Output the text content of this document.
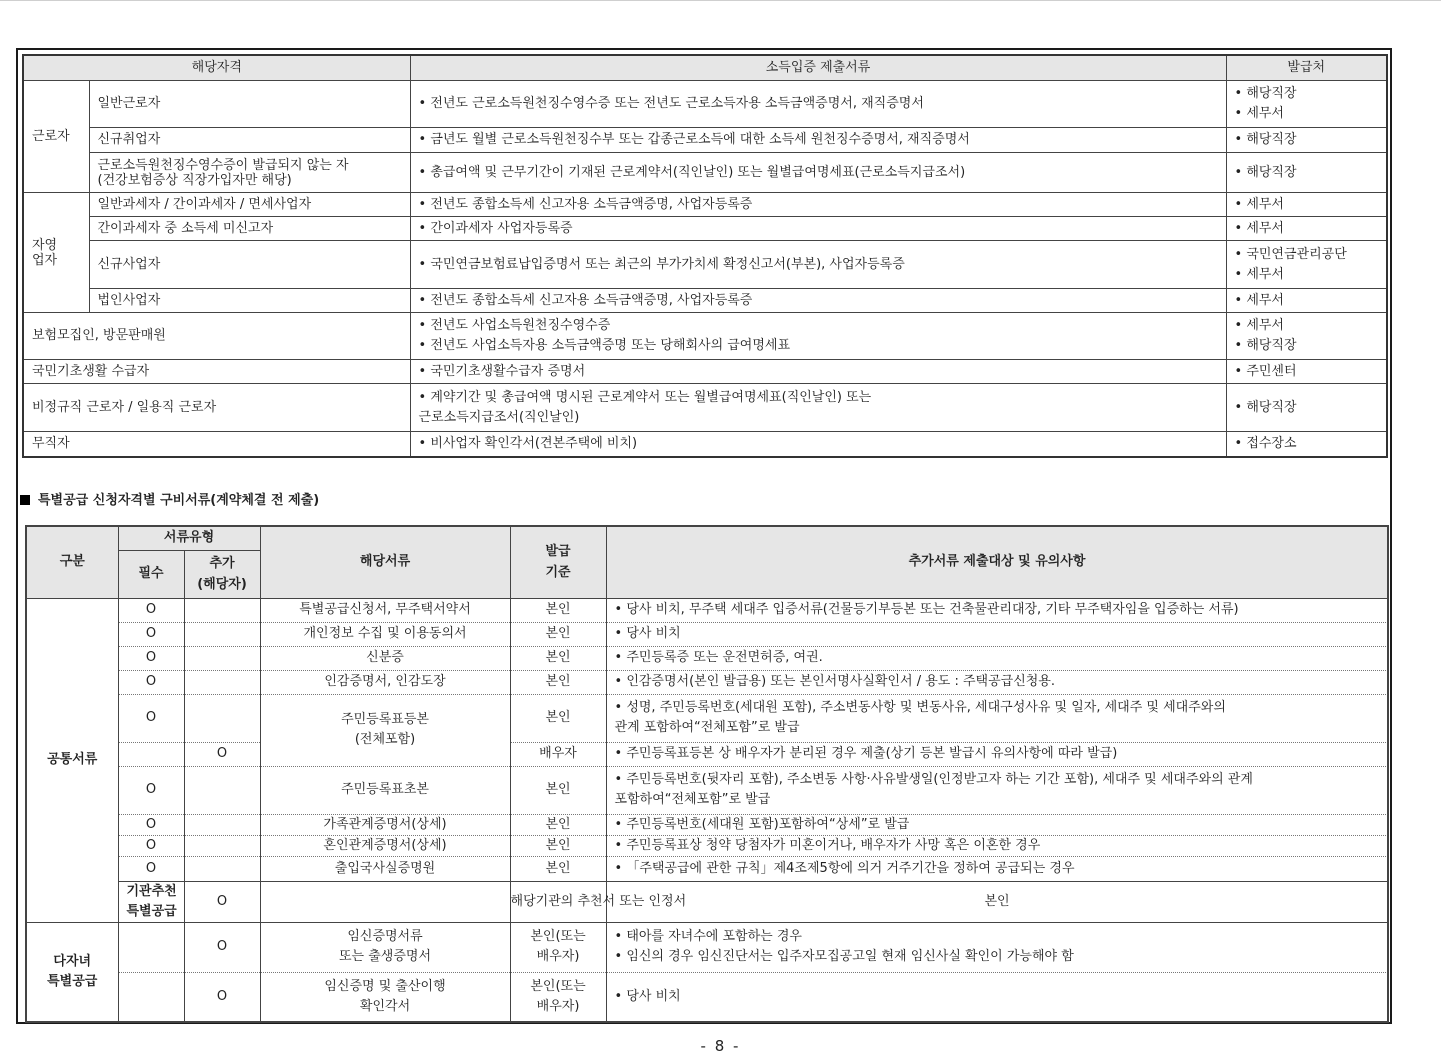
해당자격		소득입증 제출서류	발급처
근로자	일반근로자	• 전년도 근로소득원천징수영수증 또는 전년도 근로소득자용 소득금액증명서, 재직증명서	• 해당직장
• 세무서

	신규취업자	• 금년도 월별 근로소득원천징수부 또는 갑종근로소득에 대한 소득세 원천징수증명서, 재직증명서	• 해당직장

	근로소득원천징수영수증이 발급되지 않는 자
(건강보험증상 직장가입자만 해당)	• 총급여액 및 근무기간이 기재된 근로계약서(직인날인) 또는 월별급여명세표(근로소득지급조서)	• 해당직장

자영
업자	일반과세자 / 간이과세자 / 면세사업자	• 전년도 종합소득세 신고자용 소득금액증명, 사업자등록증	• 세무서

	간이과세자 중 소득세 미신고자	• 간이과세자 사업자등록증	• 세무서

	신규사업자	• 국민연금보험료납입증명서 또는 최근의 부가가치세 확정신고서(부본), 사업자등록증	• 국민연금관리공단
• 세무서

	법인사업자	• 전년도 종합소득세 신고자용 소득금액증명, 사업자등록증	• 세무서

보험모집인, 방문판매원		• 전년도 사업소득원천징수영수증
• 전년도 사업소득자용 소득금액증명 또는 당해회사의 급여명세표	• 세무서
• 해당직장

국민기초생활 수급자		• 국민기초생활수급자 증명서	• 주민센터

비정규직 근로자 / 일용직 근로자		• 계약기간 및 총급여액 명시된 근로계약서 또는 월별급여명세표(직인날인) 또는
근로소득지급조서(직인날인)	• 해당직장

무직자		• 비사업자 확인각서(견본주택에 비치)	• 접수장소
특별공급 신청자격별 구비서류(계약체결 전 제출)
구분	서류유형		해당서류	발급
기준	추가서류 제출대상 및 유의사항	
	필수	추가
(해당자)				

공통서류	O		특별공급신청서, 무주택서약서	본인	• 당사 비치, 무주택 세대주 입증서류(건물등기부등본 또는 건축물관리대장, 기타 무주택자임을 입증하는 서류)	

	O		개인정보 수집 및 이용동의서	본인	• 당사 비치	

	O		신분증	본인	• 주민등록증 또는 운전면허증, 여권.	

	O		인감증명서, 인감도장	본인	• 인감증명서(본인 발급용) 또는 본인서명사실확인서 / 용도 : 주택공급신청용.	

	O		주민등록표등본
(전체포함)	본인	• 성명, 주민등록번호(세대원 포함), 주소변동사항 및 변동사유, 세대구성사유 및 일자, 세대주 및 세대주와의
관계 포함하여“전체포함”로 발급	

		O		배우자	• 주민등록표등본 상 배우자가 분리된 경우 제출(상기 등본 발급시 유의사항에 따라 발급)	

	O		주민등록표초본	본인	• 주민등록번호(뒷자리 포함), 주소변동 사항·사유발생일(인정받고자 하는 기간 포함), 세대주 및 세대주와의 관계
포함하여“전체포함”로 발급	

	O		가족관계증명서(상세)	본인	• 주민등록번호(세대원 포함)포함하여“상세”로 발급	

	O		혼인관계증명서(상세)	본인	• 주민등록표상 청약 당첨자가 미혼이거나, 배우자가 사망 혹은 이혼한 경우	

	O		출입국사실증명원	본인	• 「주택공급에 관한 규칙」제4조제5항에 의거 거주기간을 정하여 공급되는 경우	

	기관추천
특별공급	O		해당기관의 추천서 또는 인정서	본인

다자녀
특별공급		O	임신증명서류
또는 출생증명서	본인(또는
배우자)	• 태아를 자녀수에 포함하는 경우
• 임신의 경우 임신진단서는 입주자모집공고일 현재 임신사실 확인이 가능해야 함	

		O	임신증명 및 출산이행
확인각서	본인(또는
배우자)	• 당사 비치	
- 8 -
